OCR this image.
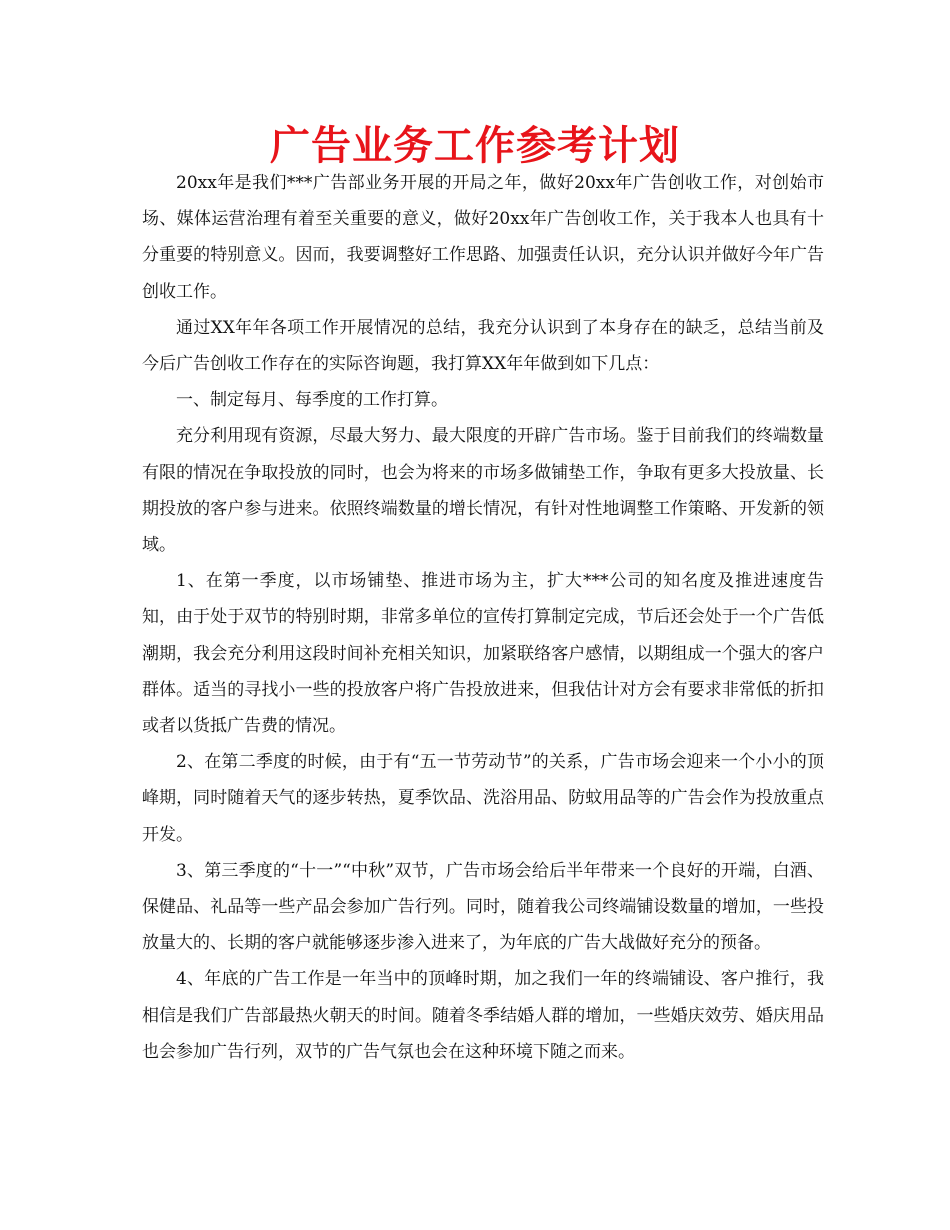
广告业务工作参考计划

20xx年是我们***广告部业务开展的开局之年，做好20xx年广告创收工作，对创始市场、媒体运营治理有着至关重要的意义，做好20xx年广告创收工作，关于我本人也具有十分重要的特别意义。因而，我要调整好工作思路、加强责任认识，充分认识并做好今年广告创收工作。

通过XX年年各项工作开展情况的总结，我充分认识到了本身存在的缺乏，总结当前及今后广告创收工作存在的实际咨询题，我打算XX年年做到如下几点：

一、制定每月、每季度的工作打算。

充分利用现有资源，尽最大努力、最大限度的开辟广告市场。鉴于目前我们的终端数量有限的情况在争取投放的同时，也会为将来的市场多做铺垫工作，争取有更多大投放量、长期投放的客户参与进来。依照终端数量的增长情况，有针对性地调整工作策略、开发新的领域。

1、在第一季度，以市场铺垫、推进市场为主，扩大***公司的知名度及推进速度告知，由于处于双节的特别时期，非常多单位的宣传打算制定完成，节后还会处于一个广告低潮期，我会充分利用这段时间补充相关知识，加紧联络客户感情，以期组成一个强大的客户群体。适当的寻找小一些的投放客户将广告投放进来，但我估计对方会有要求非常低的折扣或者以货抵广告费的情况。

2、在第二季度的时候，由于有“五一节劳动节”的关系，广告市场会迎来一个小小的顶峰期，同时随着天气的逐步转热，夏季饮品、洗浴用品、防蚊用品等的广告会作为投放重点开发。

3、第三季度的“十一”“中秋”双节，广告市场会给后半年带来一个良好的开端，白酒、保健品、礼品等一些产品会参加广告行列。同时，随着我公司终端铺设数量的增加，一些投放量大的、长期的客户就能够逐步渗入进来了，为年底的广告大战做好充分的预备。

4、年底的广告工作是一年当中的顶峰时期，加之我们一年的终端铺设、客户推行，我相信是我们广告部最热火朝天的时间。随着冬季结婚人群的增加，一些婚庆效劳、婚庆用品也会参加广告行列，双节的广告气氛也会在这种环境下随之而来。
